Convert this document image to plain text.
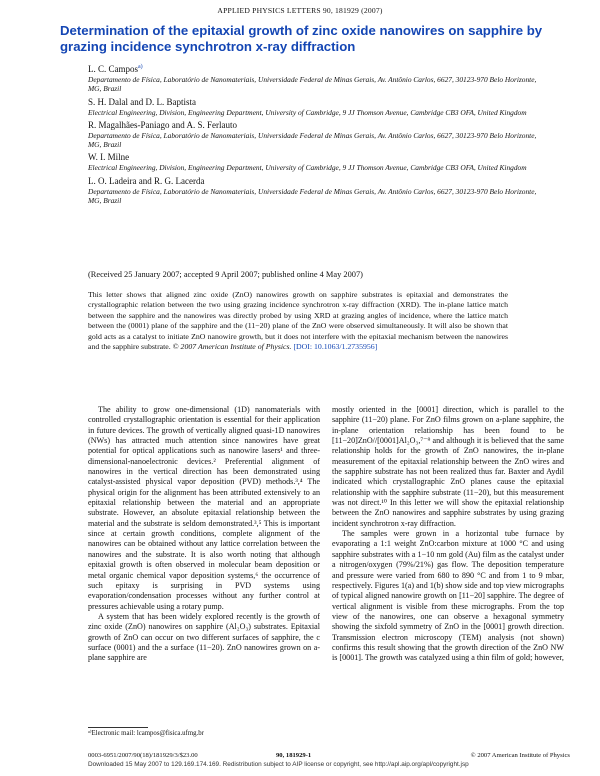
APPLIED PHYSICS LETTERS 90, 181929 (2007)
Determination of the epitaxial growth of zinc oxide nanowires on sapphire by grazing incidence synchrotron x-ray diffraction
L. C. Campos$^{a)}$
Departamento de Física, Laboratório de Nanomateriais, Universidade Federal de Minas Gerais, Av. Antônio Carlos, 6627, 30123-970 Belo Horizonte, MG, Brazil
S. H. Dalal and D. L. Baptista
Electrical Engineering, Division, Engineering Department, University of Cambridge, 9 JJ Thomson Avenue, Cambridge CB3 OFA, United Kingdom
R. Magalhães-Paniago and A. S. Ferlauto
Departamento de Física, Laboratório de Nanomateriais, Universidade Federal de Minas Gerais, Av. Antônio Carlos, 6627, 30123-970 Belo Horizonte, MG, Brazil
W. I. Milne
Electrical Engineering, Division, Engineering Department, University of Cambridge, 9 JJ Thomson Avenue, Cambridge CB3 OFA, United Kingdom
L. O. Ladeira and R. G. Lacerda
Departamento de Física, Laboratório de Nanomateriais, Universidade Federal de Minas Gerais, Av. Antônio Carlos, 6627, 30123-970 Belo Horizonte, MG, Brazil
(Received 25 January 2007; accepted 9 April 2007; published online 4 May 2007)
This letter shows that aligned zinc oxide (ZnO) nanowires growth on sapphire substrates is epitaxial and demonstrates the crystallographic relation between the two using grazing incidence synchrotron x-ray diffraction (XRD). The in-plane lattice match between the sapphire and the nanowires was directly probed by using XRD at grazing angles of incidence, where the lattice match between the (0001) plane of the sapphire and the (11−20) plane of the ZnO were observed simultaneously. It will also be shown that gold acts as a catalyst to initiate ZnO nanowire growth, but it does not interfere with the epitaxial mechanism between the nanowires and the sapphire substrate. © 2007 American Institute of Physics. [DOI: 10.1063/1.2735956]

The ability to grow one-dimensional (1D) nanomaterials with controlled crystallographic orientation is essential for their application in future devices. The growth of vertically aligned quasi-1D nanowires (NWs) has attracted much attention since nanowires have great potential for optical applications such as nanowire lasers¹ and three-dimensional-nanoelectronic devices.² Preferential alignment of nanowires in the vertical direction has been demonstrated using catalyst-assisted physical vapor deposition (PVD) methods.³,⁴ The physical origin for the alignment has been attributed extensively to an epitaxial relationship between the material and an appropriate substrate. However, an absolute epitaxial relationship between the material and the substrate is seldom demonstrated.³,⁵ This is important since at certain growth conditions, complete alignment of the nanowires can be obtained without any lattice correlation between the nanowires and the substrate. It is also worth noting that although epitaxial growth is often observed in molecular beam deposition or metal organic chemical vapor deposition systems,⁶ the occurrence of such epitaxy is surprising in PVD systems using evaporation/condensation processes without any further control at pressures achievable using a rotary pump.

A system that has been widely explored recently is the growth of zinc oxide (ZnO) nanowires on sapphire (Al₂O₃) substrates. Epitaxial growth of ZnO can occur on two different surfaces of sapphire, the c surface (0001) and the a surface (11−20). ZnO nanowires grown on a-plane sapphire are

mostly oriented in the [0001] direction, which is parallel to the sapphire (11−20) plane. For ZnO films grown on a-plane sapphire, the in-plane orientation relationship has been found to be [11−20]ZnO//[0001]Al₂O₃,⁷⁻⁹ and although it is believed that the same relationship holds for the growth of ZnO nanowires, the in-plane measurement of the epitaxial relationship between the ZnO wires and the sapphire substrate has not been realized thus far. Baxter and Aydil indicated which crystallographic ZnO planes cause the epitaxial relationship with the sapphire substrate (11−20), but this measurement was not direct.¹⁰ In this letter we will show the epitaxial relationship between the ZnO nanowires and sapphire substrates by using grazing incident synchrotron x-ray diffraction.

The samples were grown in a horizontal tube furnace by evaporating a 1:1 weight ZnO:carbon mixture at 1000 °C and using sapphire substrates with a 1−10 nm gold (Au) film as the catalyst under a nitrogen/oxygen (79%/21%) gas flow. The deposition temperature and pressure were varied from 680 to 890 °C and from 1 to 9 mbar, respectively. Figures 1(a) and 1(b) show side and top view micrographs of typical aligned nanowire growth on [11−20] sapphire. The degree of vertical alignment is visible from these micrographs. From the top view of the nanowires, one can observe a hexagonal symmetry showing the sixfold symmetry of ZnO in the [0001] growth direction. Transmission electron microscopy (TEM) analysis (not shown) confirms this result showing that the growth direction of the ZnO NW is [0001]. The growth was catalyzed using a thin film of gold; however,

ᵃ⁾Electronic mail: lcampos@fisica.ufmg.br
0003-6951/2007/90(18)/181929/3/$23.00	90, 181929-1	© 2007 American Institute of Physics
Downloaded 15 May 2007 to 129.169.174.169. Redistribution subject to AIP license or copyright, see http://apl.aip.org/apl/copyright.jsp
